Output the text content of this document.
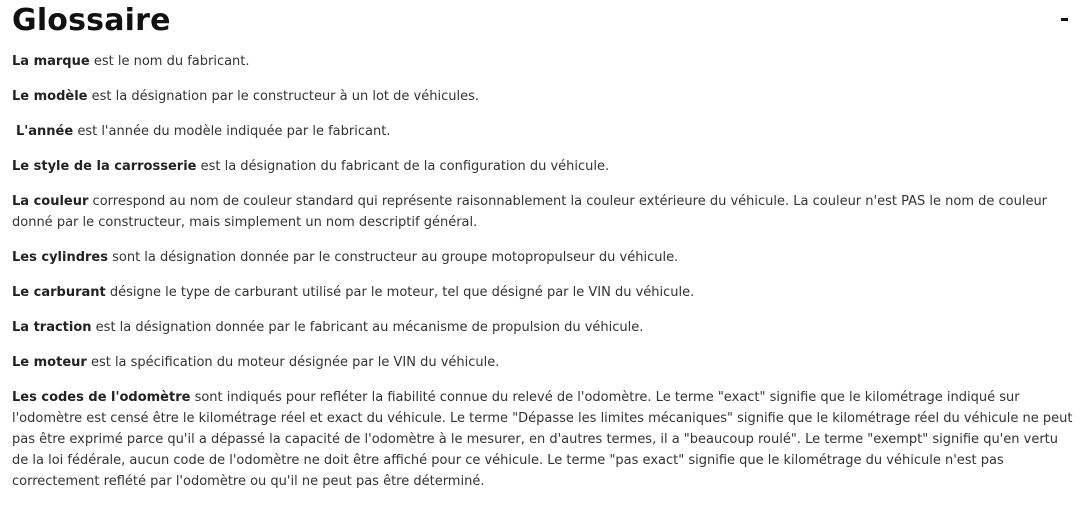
Glossaire

La marque est le nom du fabricant.

Le modèle est la désignation par le constructeur à un lot de véhicules.

L'année est l'année du modèle indiquée par le fabricant.

Le style de la carrosserie est la désignation du fabricant de la configuration du véhicule.

La couleur correspond au nom de couleur standard qui représente raisonnablement la couleur extérieure du véhicule. La couleur n'est PAS le nom de couleur donné par le constructeur, mais simplement un nom descriptif général.

Les cylindres sont la désignation donnée par le constructeur au groupe motopropulseur du véhicule.

Le carburant désigne le type de carburant utilisé par le moteur, tel que désigné par le VIN du véhicule.

La traction est la désignation donnée par le fabricant au mécanisme de propulsion du véhicule.

Le moteur est la spécification du moteur désignée par le VIN du véhicule.

Les codes de l'odomètre sont indiqués pour refléter la fiabilité connue du relevé de l'odomètre. Le terme "exact" signifie que le kilométrage indiqué sur l'odomètre est censé être le kilométrage réel et exact du véhicule. Le terme "Dépasse les limites mécaniques" signifie que le kilométrage réel du véhicule ne peut pas être exprimé parce qu'il a dépassé la capacité de l'odomètre à le mesurer, en d'autres termes, il a "beaucoup roulé". Le terme "exempt" signifie qu'en vertu de la loi fédérale, aucun code de l'odomètre ne doit être affiché pour ce véhicule. Le terme "pas exact" signifie que le kilométrage du véhicule n'est pas correctement reflété par l'odomètre ou qu'il ne peut pas être déterminé.
